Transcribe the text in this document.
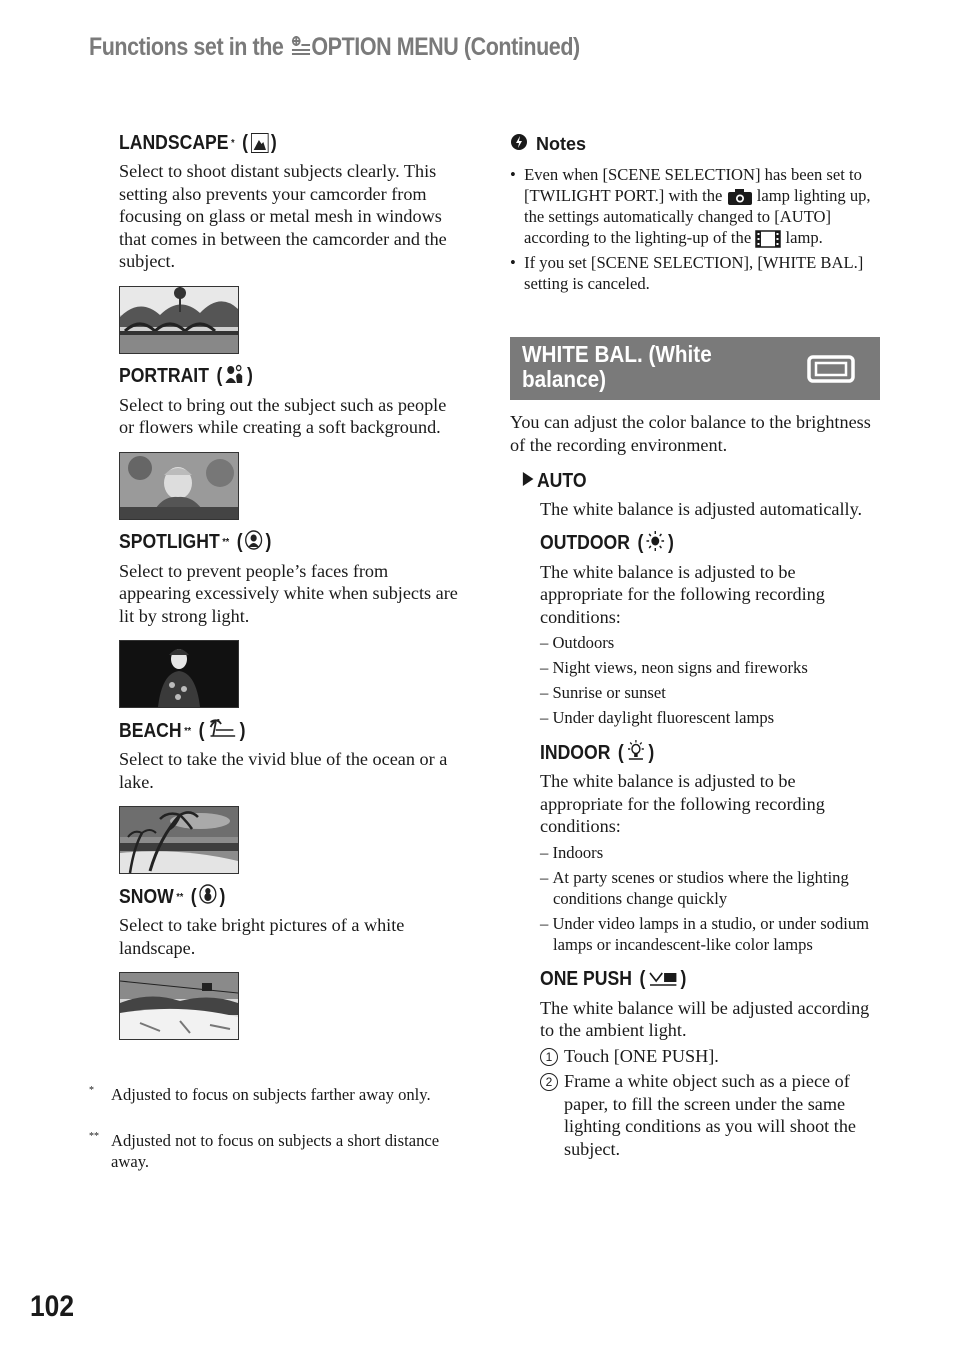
Functions set in the OPTION MENU (Continued)
LANDSCAPE * ( )

Select to shoot distant subjects clearly. This setting also prevents your camcorder from focusing on glass or metal mesh in windows that comes in between the camcorder and the subject.

PORTRAIT ( )

Select to bring out the subject such as people or flowers while creating a soft background.

SPOTLIGHT ** ( )

Select to prevent people’s faces from appearing excessively white when subjects are lit by strong light.

BEACH ** ( )

Select to take the vivid blue of the ocean or a lake.

SNOW ** ( )

Select to take bright pictures of a white landscape.

* Adjusted to focus on subjects farther away only.
** Adjusted not to focus on subjects a short distance away.
Notes

•  Even when [SCENE SELECTION] has been set to [TWILIGHT PORT.] with the lamp lighting up, the settings automatically changed to [AUTO] according to the lighting-up of the lamp.

•  If you set [SCENE SELECTION], [WHITE BAL.] setting is canceled.

WHITE BAL. (White balance)

You can adjust the color balance to the brightness of the recording environment.

AUTO

The white balance is adjusted automatically.

OUTDOOR ( )

The white balance is adjusted to be appropriate for the following recording conditions:

– Outdoors

– Night views, neon signs and fireworks

– Sunrise or sunset

– Under daylight fluorescent lamps

INDOOR ( )

The white balance is adjusted to be appropriate for the following recording conditions:

– Indoors

– At party scenes or studios where the lighting conditions change quickly

– Under video lamps in a studio, or under sodium lamps or incandescent-like color lamps

ONE PUSH ( )

The white balance will be adjusted according to the ambient light.

1 Touch [ONE PUSH].
2 Frame a white object such as a piece of paper, to fill the screen under the same lighting conditions as you will shoot the subject.
102
